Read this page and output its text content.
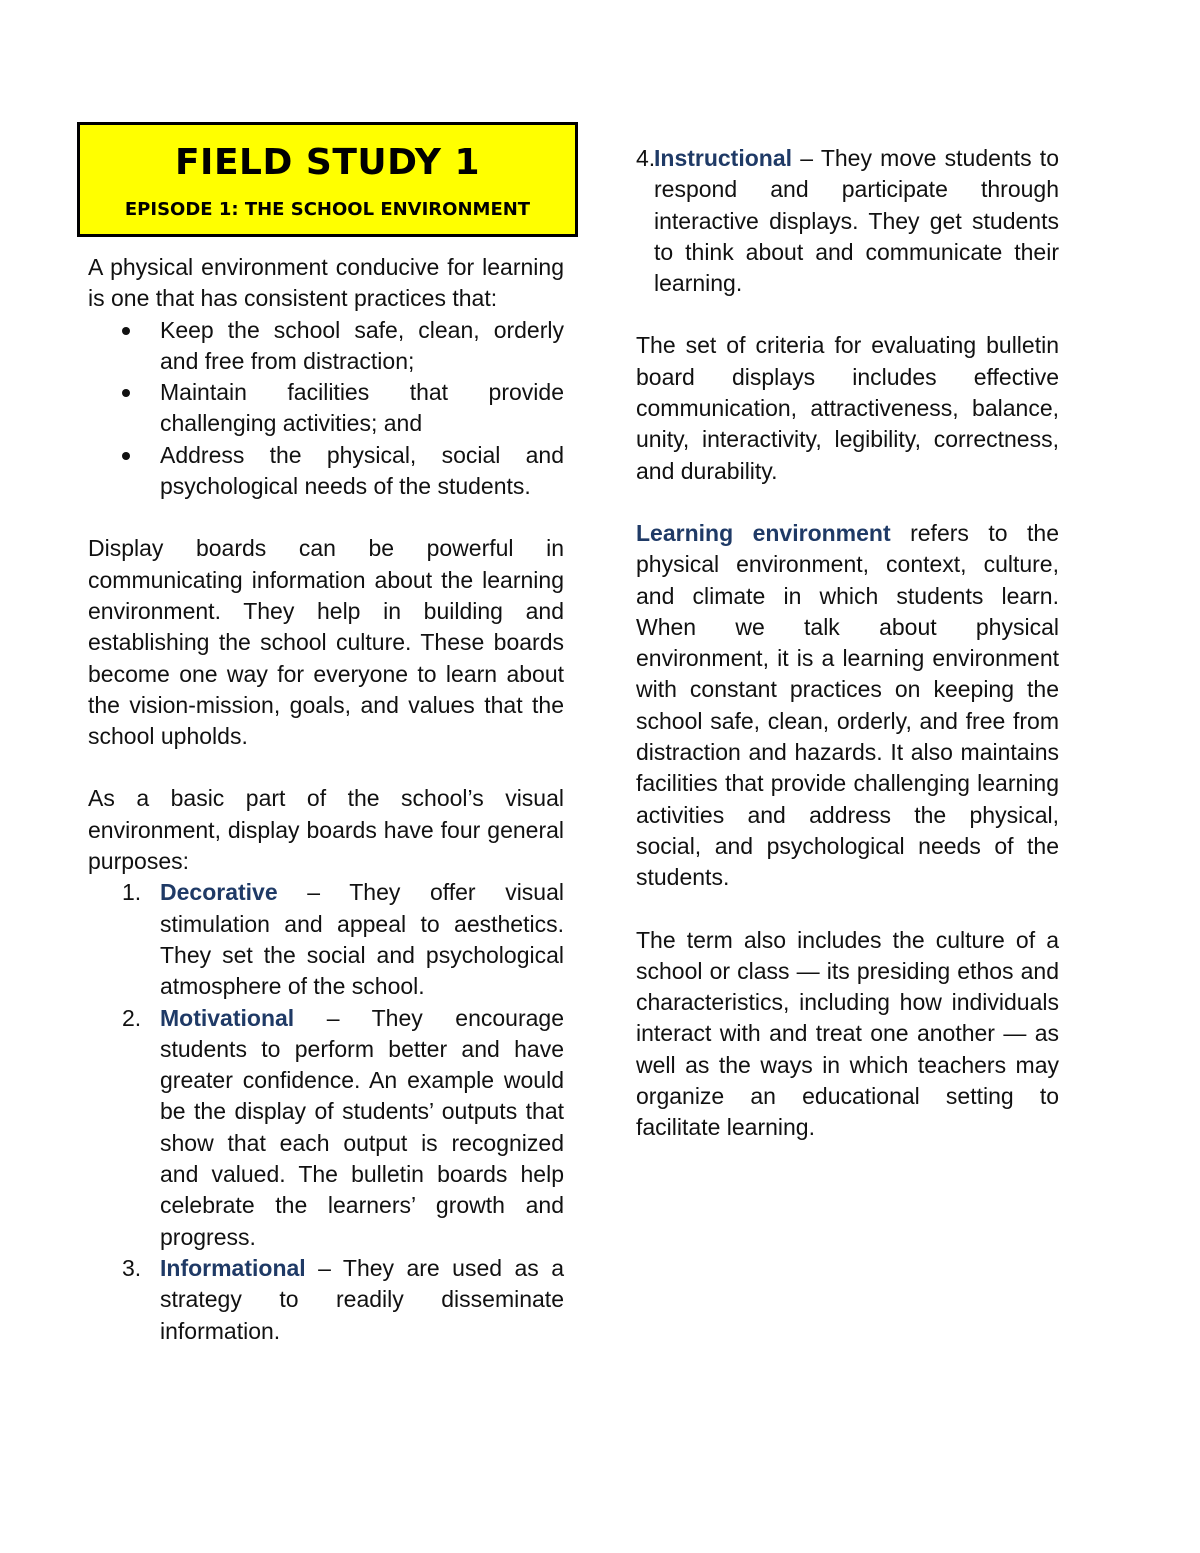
FIELD STUDY 1
EPISODE 1: THE SCHOOL ENVIRONMENT

A physical environment conducive for learning is one that has consistent practices that:

Keep the school safe, clean, orderly and free from distraction;
Maintain facilities that provide challenging activities; and
Address the physical, social and psychological needs of the students.

Display boards can be powerful in communicating information about the learning environment. They help in building and establishing the school culture. These boards become one way for everyone to learn about the vision-mission, goals, and values that the school upholds.

As a basic part of the school’s visual environment, display boards have four general purposes:

1. Decorative – They offer visual stimulation and appeal to aesthetics. They set the social and psychological atmosphere of the school.
2. Motivational – They encourage students to perform better and have greater confidence. An example would be the display of students’ outputs that show that each output is recognized and valued. The bulletin boards help celebrate the learners’ growth and progress.
3. Informational – They are used as a strategy to readily disseminate information.
4.
Instructional – They move students to respond and participate through interactive displays. They get students to think about and communicate their learning.

The set of criteria for evaluating bulletin board displays includes effective communication, attractiveness, balance, unity, interactivity, legibility, correctness, and durability.

Learning environment refers to the physical environment, context, culture, and climate in which students learn. When we talk about physical environment, it is a learning environment with constant practices on keeping the school safe, clean, orderly, and free from distraction and hazards. It also maintains facilities that provide challenging learning activities and address the physical, social, and psychological needs of the students.

The term also includes the culture of a school or class — its presiding ethos and characteristics, including how individuals interact with and treat one another — as well as the ways in which teachers may organize an educational setting to facilitate learning.
